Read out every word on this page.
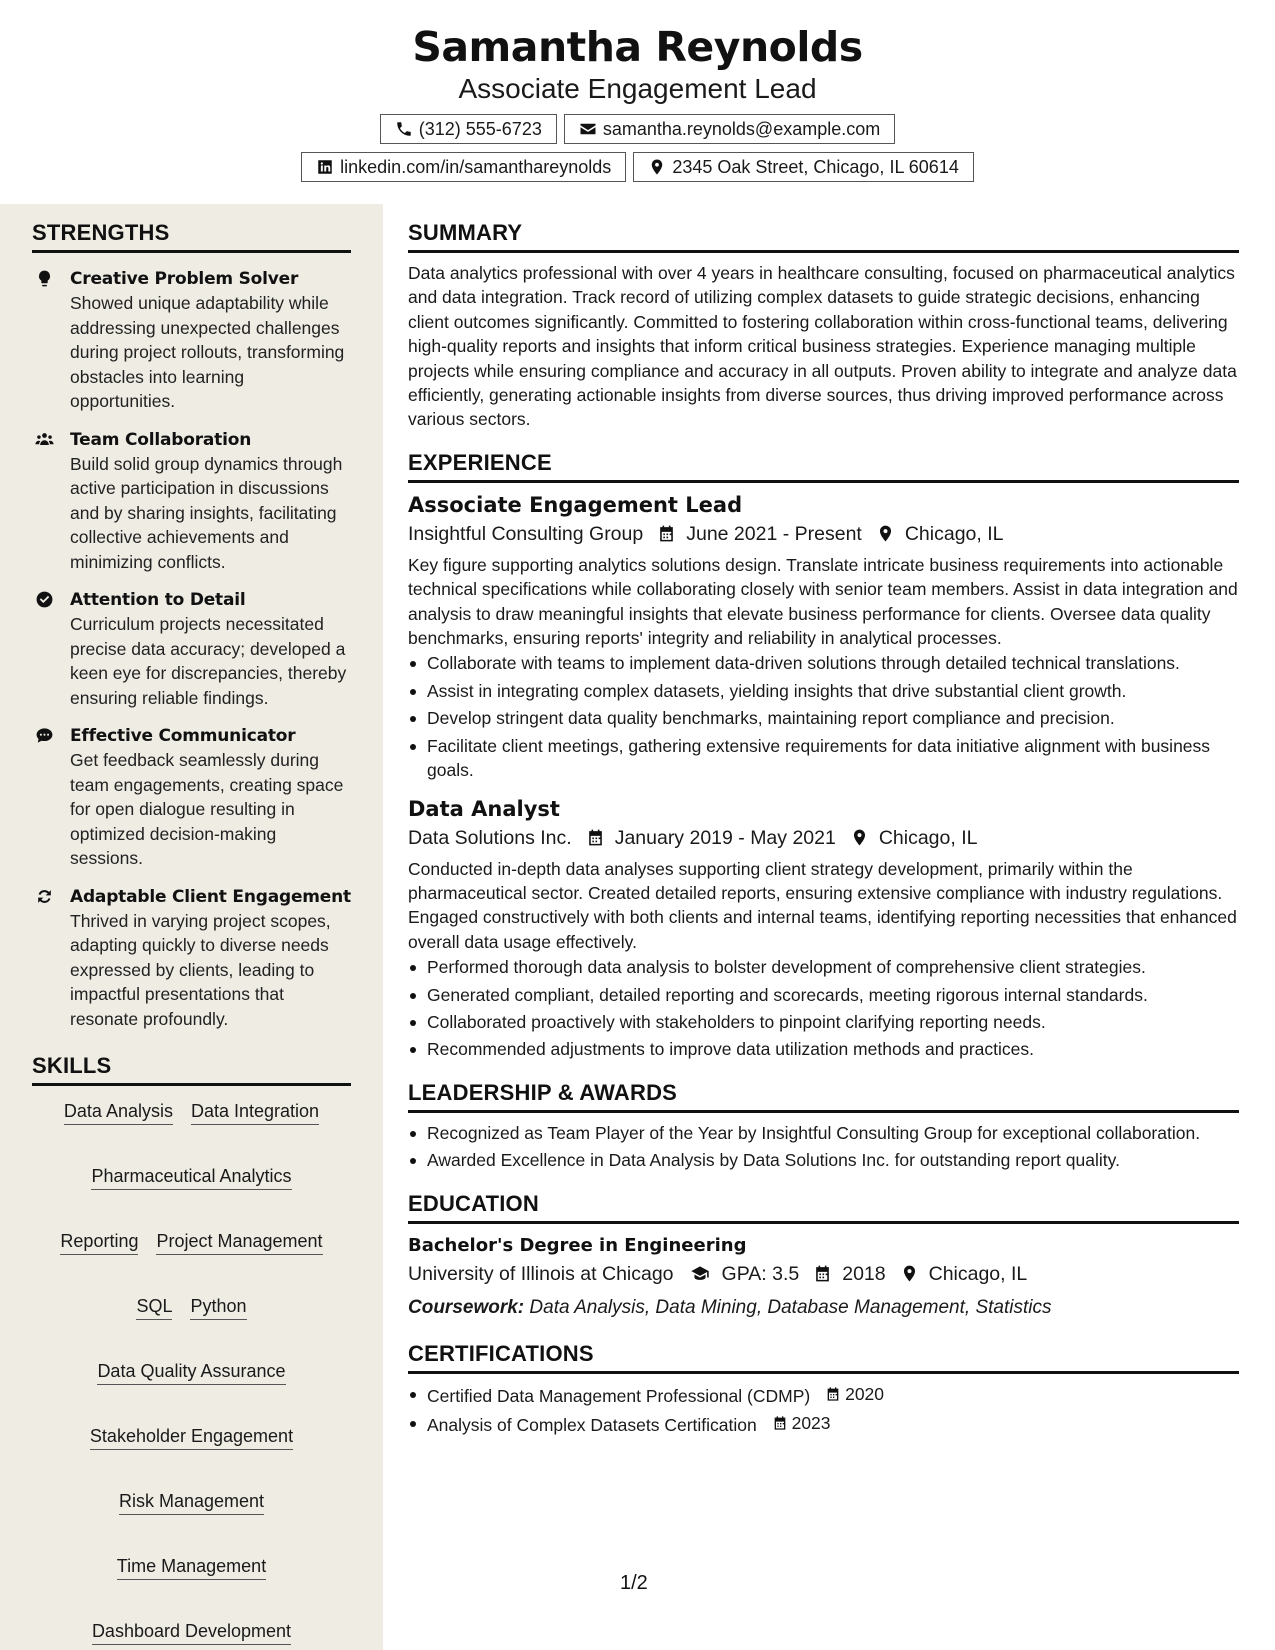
Samantha Reynolds
Associate Engagement Lead
(312) 555-6723	samantha.reynolds@example.com
linkedin.com/in/samanthareynolds	2345 Oak Street, Chicago, IL 60614
STRENGTHS
Creative Problem Solver
Showed unique adaptability while addressing unexpected challenges during project rollouts, transforming obstacles into learning opportunities.
Team Collaboration
Build solid group dynamics through active participation in discussions and by sharing insights, facilitating collective achievements and minimizing conflicts.
Attention to Detail
Curriculum projects necessitated precise data accuracy; developed a keen eye for discrepancies, thereby ensuring reliable findings.
Effective Communicator
Get feedback seamlessly during team engagements, creating space for open dialogue resulting in optimized decision-making sessions.
Adaptable Client Engagement
Thrived in varying project scopes, adapting quickly to diverse needs expressed by clients, leading to impactful presentations that resonate profoundly.
SKILLS
Data Analysis Data Integration
Pharmaceutical Analytics
Reporting Project Management
SQL Python
Data Quality Assurance
Stakeholder Engagement
Risk Management
Time Management
Dashboard Development
SUMMARY
Data analytics professional with over 4 years in healthcare consulting, focused on pharmaceutical analytics and data integration. Track record of utilizing complex datasets to guide strategic decisions, enhancing client outcomes significantly. Committed to fostering collaboration within cross-functional teams, delivering high-quality reports and insights that inform critical business strategies. Experience managing multiple projects while ensuring compliance and accuracy in all outputs. Proven ability to integrate and analyze data efficiently, generating actionable insights from diverse sources, thus driving improved performance across various sectors.
EXPERIENCE
Associate Engagement Lead
Insightful Consulting Group June 2021 - Present Chicago, IL
Key figure supporting analytics solutions design. Translate intricate business requirements into actionable technical specifications while collaborating closely with senior team members. Assist in data integration and analysis to draw meaningful insights that elevate business performance for clients. Oversee data quality benchmarks, ensuring reports' integrity and reliability in analytical processes.
Collaborate with teams to implement data-driven solutions through detailed technical translations.
Assist in integrating complex datasets, yielding insights that drive substantial client growth.
Develop stringent data quality benchmarks, maintaining report compliance and precision.
Facilitate client meetings, gathering extensive requirements for data initiative alignment with business goals.
Data Analyst
Data Solutions Inc. January 2019 - May 2021 Chicago, IL
Conducted in-depth data analyses supporting client strategy development, primarily within the pharmaceutical sector. Created detailed reports, ensuring extensive compliance with industry regulations. Engaged constructively with both clients and internal teams, identifying reporting necessities that enhanced overall data usage effectively.
Performed thorough data analysis to bolster development of comprehensive client strategies.
Generated compliant, detailed reporting and scorecards, meeting rigorous internal standards.
Collaborated proactively with stakeholders to pinpoint clarifying reporting needs.
Recommended adjustments to improve data utilization methods and practices.
LEADERSHIP & AWARDS
Recognized as Team Player of the Year by Insightful Consulting Group for exceptional collaboration.
Awarded Excellence in Data Analysis by Data Solutions Inc. for outstanding report quality.
EDUCATION
Bachelor's Degree in Engineering
University of Illinois at Chicago GPA: 3.5 2018 Chicago, IL
Coursework: Data Analysis, Data Mining, Database Management, Statistics
CERTIFICATIONS
Certified Data Management Professional (CDMP) 2020
Analysis of Complex Datasets Certification 2023
1/2
